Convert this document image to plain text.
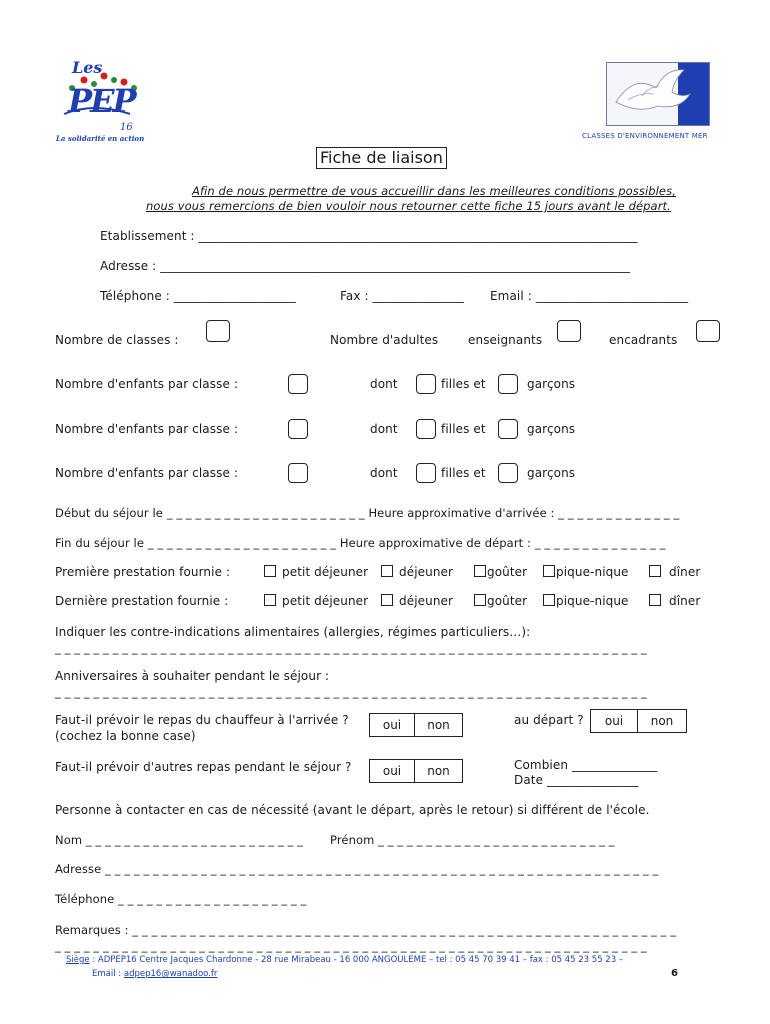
Les
PEP
16
La solidarité en action	CLASSES D'ENVIRONNEMENT MER
Fiche de liaison
Afin de nous permettre de vous accueillir dans les meilleures conditions possibles,
nous vous remercions de bien vouloir nous retourner cette fiche 15 jours avant le départ.
Etablissement : ________________________________________________________________________
Adresse : _____________________________________________________________________________
Téléphone : ____________________	Fax : _______________ Email : _________________________
Nombre de classes :	Nombre d'adultes enseignants	encadrants
Nombre d'enfants par classe :	dont	filles et	garçons
Nombre d'enfants par classe :	dont	filles et	garçons
Nombre d'enfants par classe :	dont	filles et	garçons
Début du séjour le _ _ _ _ _ _ _ _ _ _ _ _ _ _ _ _ _ _ _ _ _ Heure approximative d'arrivée : _ _ _ _ _ _ _ _ _ _ _ _ _
Fin du séjour le _ _ _ _ _ _ _ _ _ _ _ _ _ _ _ _ _ _ _ _ Heure approximative de départ : _ _ _ _ _ _ _ _ _ _ _ _ _ _
Première prestation fournie :	petit déjeuner	déjeuner	goûter	pique-nique	dîner
Dernière prestation fournie :	petit déjeuner	déjeuner	goûter	pique-nique	dîner
Indiquer les contre-indications alimentaires (allergies, régimes particuliers…):
_ _ _ _ _ _ _ _ _ _ _ _ _ _ _ _ _ _ _ _ _ _ _ _ _ _ _ _ _ _ _ _ _ _ _ _ _ _ _ _ _ _ _ _ _ _ _ _ _ _ _ _ _ _ _ _ _ _ _ _ _ _
Anniversaires à souhaiter pendant le séjour :
_ _ _ _ _ _ _ _ _ _ _ _ _ _ _ _ _ _ _ _ _ _ _ _ _ _ _ _ _ _ _ _ _ _ _ _ _ _ _ _ _ _ _ _ _ _ _ _ _ _ _ _ _ _ _ _ _ _ _ _ _ _
Faut-il prévoir le repas du chauffeur à l'arrivée ?
(cochez la bonne case)
oui	non	au départ ?	oui	non
Faut-il prévoir d'autres repas pendant le séjour ?	oui	non	Combien ______________
Date _______________
Personne à contacter en cas de nécessité (avant le départ, après le retour) si différent de l'école.
Nom _ _ _ _ _ _ _ _ _ _ _ _ _ _ _ _ _ _ _ _ _ _ _ Prénom _ _ _ _ _ _ _ _ _ _ _ _ _ _ _ _ _ _ _ _ _ _ _ _ _
Adresse _ _ _ _ _ _ _ _ _ _ _ _ _ _ _ _ _ _ _ _ _ _ _ _ _ _ _ _ _ _ _ _ _ _ _ _ _ _ _ _ _ _ _ _ _ _ _ _ _ _ _ _ _ _ _ _ _ _
Téléphone _ _ _ _ _ _ _ _ _ _ _ _ _ _ _ _ _ _ _ _
Remarques : _ _ _ _ _ _ _ _ _ _ _ _ _ _ _ _ _ _ _ _ _ _ _ _ _ _ _ _ _ _ _ _ _ _ _ _ _ _ _ _ _ _ _ _ _ _ _ _ _ _ _ _ _ _ _ _ _
_ _ _ _ _ _ _ _ _ _ _ _ _ _ _ _ _ _ _ _ _ _ _ _ _ _ _ _ _ _ _ _ _ _ _ _ _ _ _ _ _ _ _ _ _ _ _ _ _ _ _ _ _ _ _ _ _ _ _ _ _ _
Siège : ADPEP16 Centre Jacques Chardonne - 28 rue Mirabeau - 16 000 ANGOULEME – tel : 05 45 70 39 41 – fax : 05 45 23 55 23 –
Email : adpep16@wanadoo.fr	6
